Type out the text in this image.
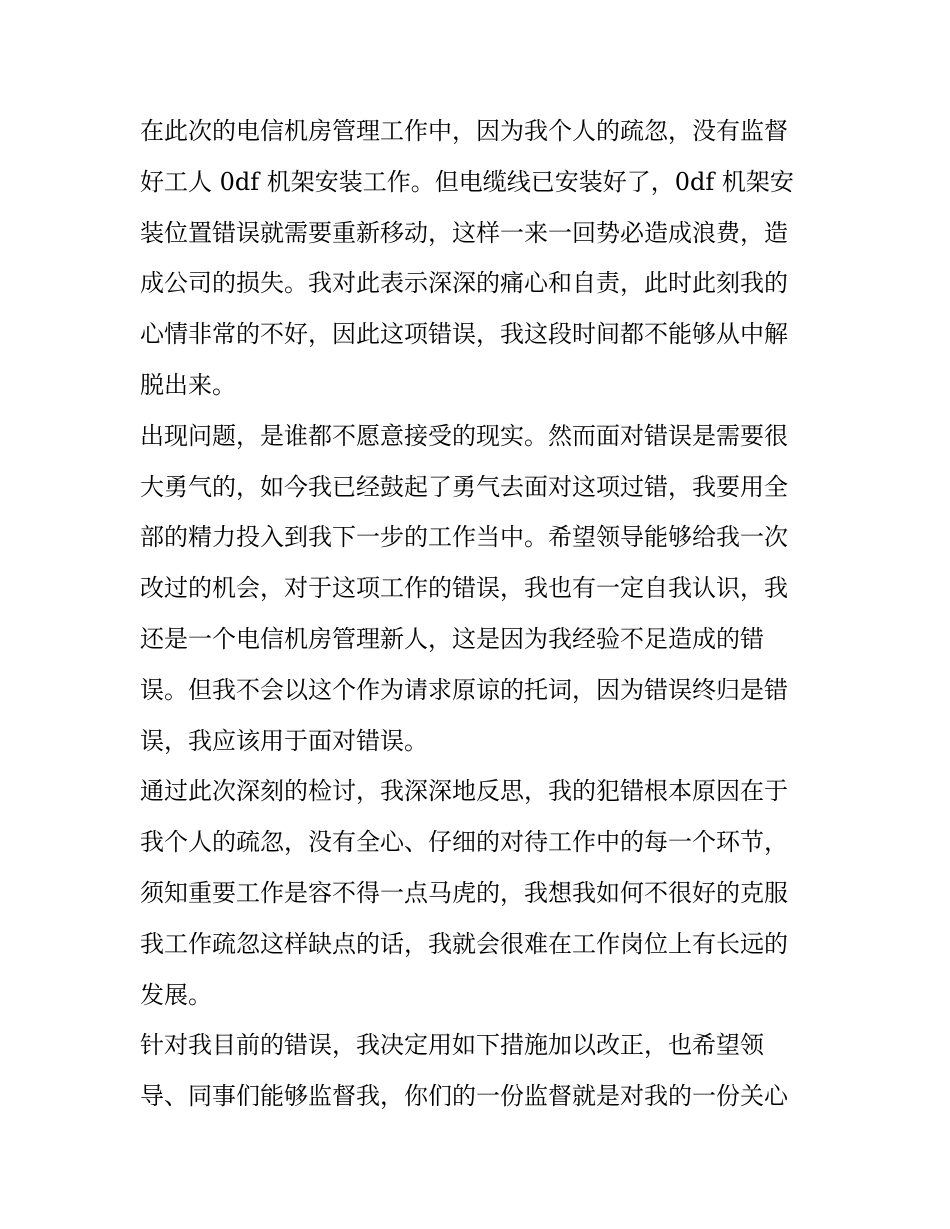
在此次的电信机房管理工作中，因为我个人的疏忽，没有监督
好工人 0df 机架安装工作。但电缆线已安装好了，0df 机架安
装位置错误就需要重新移动，这样一来一回势必造成浪费，造
成公司的损失。我对此表示深深的痛心和自责，此时此刻我的
心情非常的不好，因此这项错误，我这段时间都不能够从中解
脱出来。
出现问题，是谁都不愿意接受的现实。然而面对错误是需要很
大勇气的，如今我已经鼓起了勇气去面对这项过错，我要用全
部的精力投入到我下一步的工作当中。希望领导能够给我一次
改过的机会，对于这项工作的错误，我也有一定自我认识，我
还是一个电信机房管理新人，这是因为我经验不足造成的错
误。但我不会以这个作为请求原谅的托词，因为错误终归是错
误，我应该用于面对错误。
通过此次深刻的检讨，我深深地反思，我的犯错根本原因在于
我个人的疏忽，没有全心、仔细的对待工作中的每一个环节，
须知重要工作是容不得一点马虎的，我想我如何不很好的克服
我工作疏忽这样缺点的话，我就会很难在工作岗位上有长远的
发展。
针对我目前的错误，我决定用如下措施加以改正，也希望领
导、同事们能够监督我，你们的一份监督就是对我的一份关心
